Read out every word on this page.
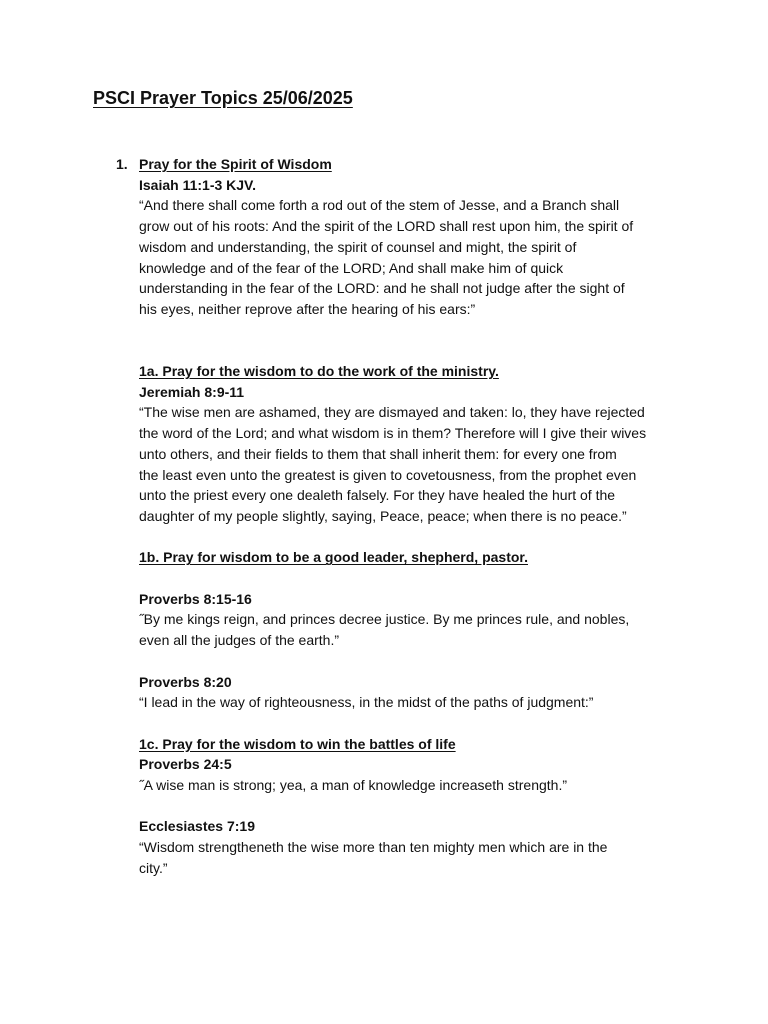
PSCI Prayer Topics 25/06/2025
1. Pray for the Spirit of Wisdom

Isaiah 11:1-3 KJV.

“And there shall come forth a rod out of the stem of Jesse, and a Branch shall
grow out of his roots: And the spirit of the LORD shall rest upon him, the spirit of
wisdom and understanding, the spirit of counsel and might, the spirit of
knowledge and of the fear of the LORD; And shall make him of quick
understanding in the fear of the LORD: and he shall not judge after the sight of
his eyes, neither reprove after the hearing of his ears:”

1a. Pray for the wisdom to do the work of the ministry.

Jeremiah 8:9-11

“The wise men are ashamed, they are dismayed and taken: lo, they have rejected
the word of the Lord; and what wisdom is in them? Therefore will I give their wives
unto others, and their fields to them that shall inherit them: for every one from
the least even unto the greatest is given to covetousness, from the prophet even
unto the priest every one dealeth falsely. For they have healed the hurt of the
daughter of my people slightly, saying, Peace, peace; when there is no peace.”

1b. Pray for wisdom to be a good leader, shepherd, pastor.

Proverbs 8:15-16

˝By me kings reign, and princes decree justice. By me princes rule, and nobles,
even all the judges of the earth.”

Proverbs 8:20

“I lead in the way of righteousness, in the midst of the paths of judgment:”

1c. Pray for the wisdom to win the battles of life

Proverbs 24:5

˝A wise man is strong; yea, a man of knowledge increaseth strength.”

Ecclesiastes 7:19

“Wisdom strengtheneth the wise more than ten mighty men which are in the
city.”
